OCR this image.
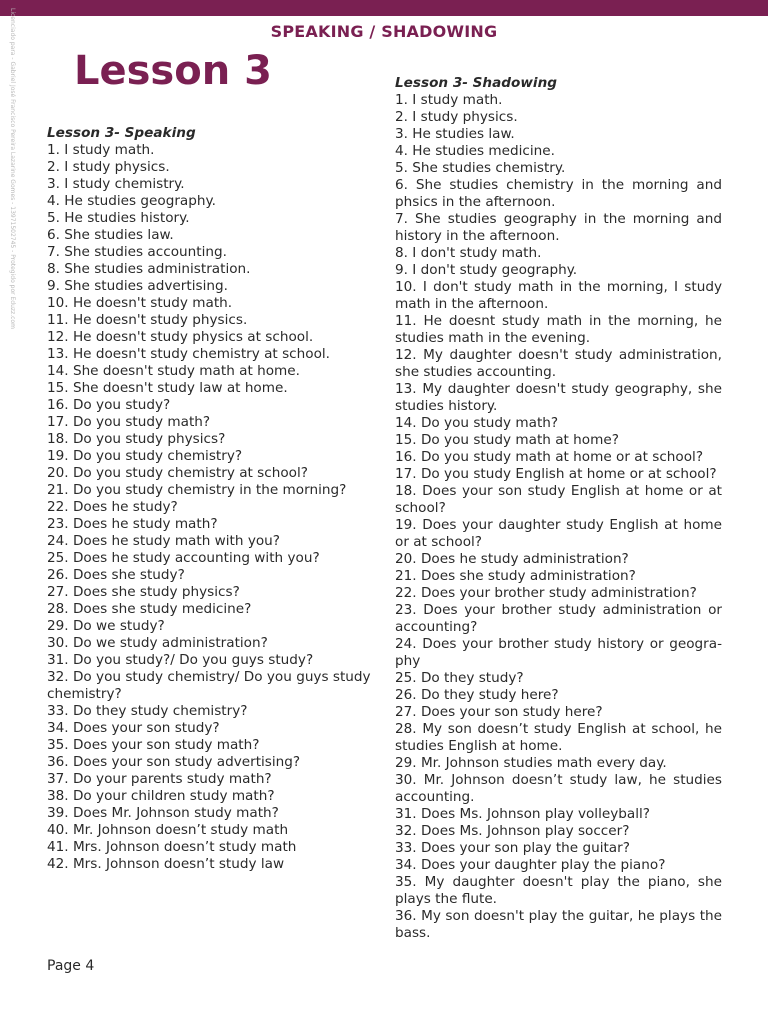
Licenciado para - Gabriel José Francisco Pereira Lazarine Gomes - 13971502745 - Protegido por Eduzz.com	SPEAKING / SHADOWING
Lesson 3
Lesson 3- Speaking
1. I study math.
2. I study physics.
3. I study chemistry.
4. He studies geography.
5. He studies history.
6. She studies law.
7. She studies accounting.
8. She studies administration.
9. She studies advertising.
10. He doesn't study math.
11. He doesn't study physics.
12. He doesn't study physics at school.
13. He doesn't study chemistry at school.
14. She doesn't study math at home.
15. She doesn't study law at home.
16. Do you study?
17. Do you study math?
18. Do you study physics?
19. Do you study chemistry?
20. Do you study chemistry at school?
21. Do you study chemistry in the morning?
22. Does he study?
23. Does he study math?
24. Does he study math with you?
25. Does he study accounting with you?
26. Does she study?
27. Does she study physics?
28. Does she study medicine?
29. Do we study?
30. Do we study administration?
31. Do you study?/ Do you guys study?
32. Do you study chemistry/ Do you guys study chemistry?
33. Do they study chemistry?
34. Does your son study?
35. Does your son study math?
36. Does your son study advertising?
37. Do your parents study math?
38. Do your children study math?
39. Does Mr. Johnson study math?
40. Mr. Johnson doesn’t study math
41. Mrs. Johnson doesn’t study math
42. Mrs. Johnson doesn’t study law
Lesson 3- Shadowing
1. I study math.
2. I study physics.
3. He studies law.
4. He studies medicine.
5. She studies chemistry.
6. She studies chemistry in the morning and phsics in the afternoon.
7. She studies geography in the morning and history in the afternoon.
8. I don't study math.
9. I don't study geography.
10. I don't study math in the morning, I study math in the afternoon.
11. He doesnt study math in the morning, he studies math in the evening.
12. My daughter doesn't study administration, she studies accounting.
13. My daughter doesn't study geography, she studies history.
14. Do you study math?
15. Do you study math at home?
16. Do you study math at home or at school?
17. Do you study English at home or at school?
18. Does your son study English at home or at school?
19. Does your daughter study English at home or at school?
20. Does he study administration?
21. Does she study administration?
22. Does your brother study administration?
23. Does your brother study administration or accounting?
24. Does your brother study history or geogra-phy
25. Do they study?
26. Do they study here?
27. Does your son study here?
28. My son doesn’t study English at school, he studies English at home.
29. Mr. Johnson studies math every day.
30. Mr. Johnson doesn’t study law, he studies accounting.
31. Does Ms. Johnson play volleyball?
32. Does Ms. Johnson play soccer?
33. Does your son play the guitar?
34. Does your daughter play the piano?
35. My daughter doesn't play the piano, she plays the flute.
36. My son doesn't play the guitar, he plays the bass.
Page 4
